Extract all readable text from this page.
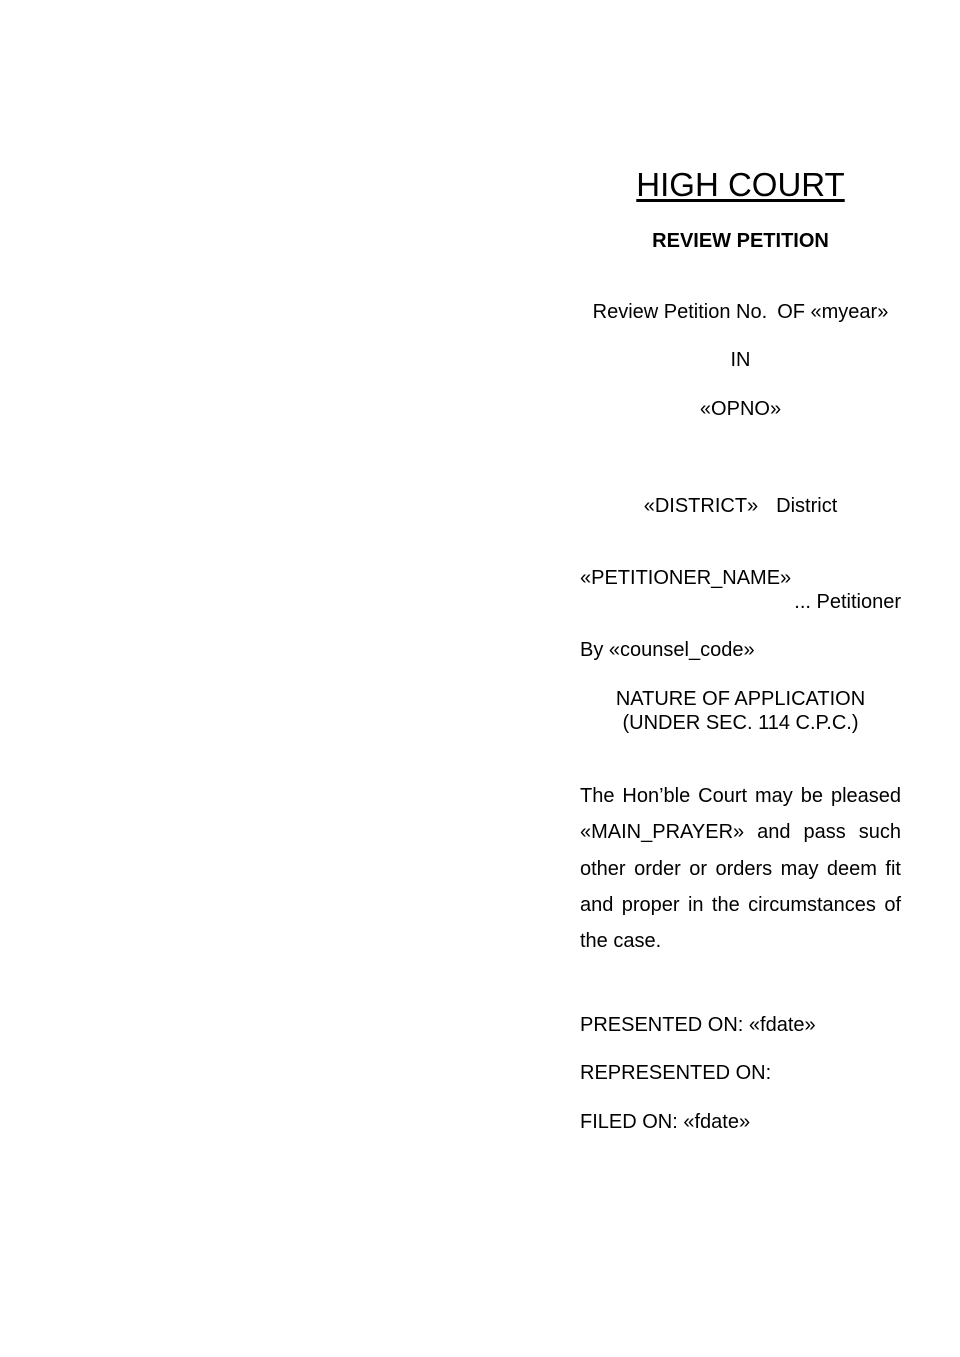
HIGH COURT
REVIEW PETITION
Review Petition No. OF «myear»
IN
«OPNO»
«DISTRICT» District
«PETITIONER_NAME»
... Petitioner
By «counsel_code»
NATURE OF APPLICATION
(UNDER SEC. 114 C.P.C.)
The Hon’ble Court may be pleased «MAIN_PRAYER» and pass such other order or orders may deem fit and proper in the circumstances of the case.
PRESENTED ON: «fdate»
REPRESENTED ON:
FILED ON: «fdate»
